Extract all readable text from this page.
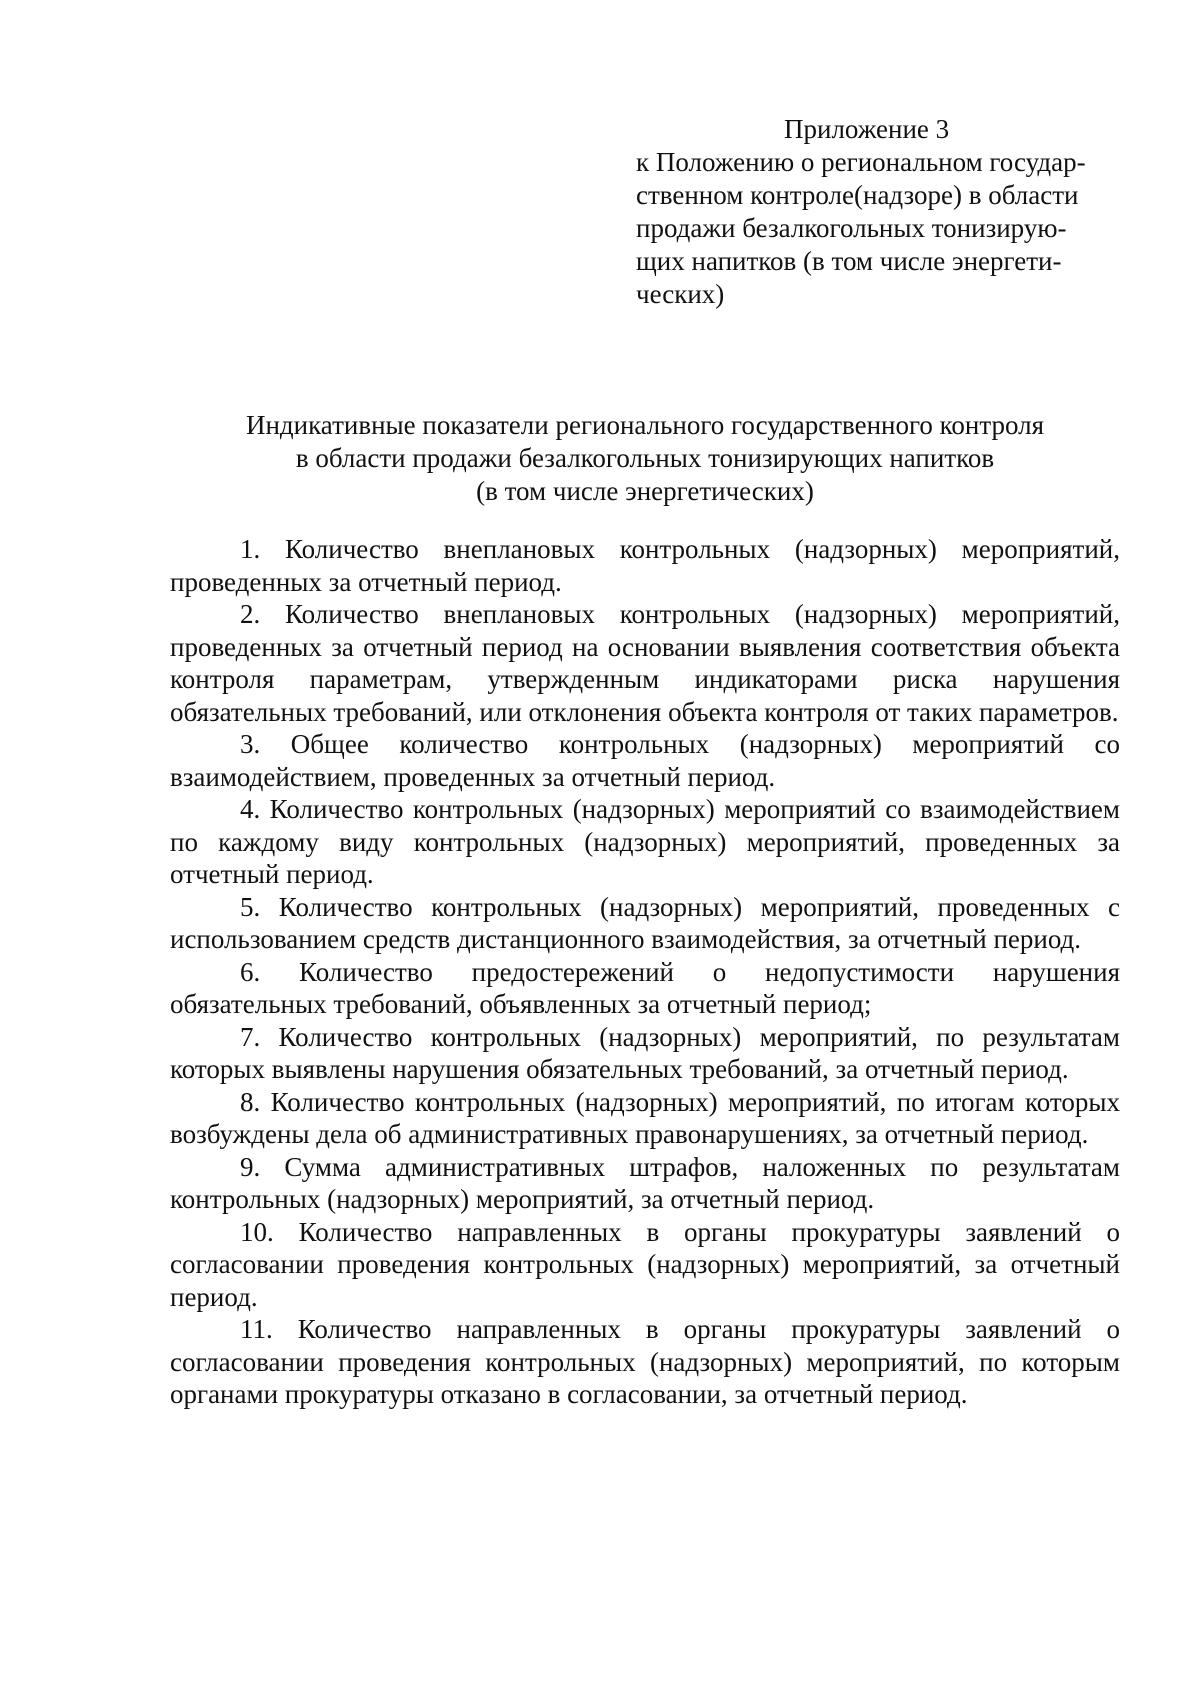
Приложение 3
к Положению о региональном государ-
ственном контроле(надзоре) в области
продажи безалкогольных тонизирую-
щих напитков (в том числе энергети-
ческих)
Индикативные показатели регионального государственного контроля
в области продажи безалкогольных тонизирующих напитков
(в том числе энергетических)

1. Количество внеплановых контрольных (надзорных) мероприятий, проведенных за отчетный период.

2. Количество внеплановых контрольных (надзорных) мероприятий, проведенных за отчетный период на основании выявления соответствия объекта контроля параметрам, утвержденным индикаторами риска нарушения обязательных требований, или отклонения объекта контроля от таких параметров.

3. Общее количество контрольных (надзорных) мероприятий со взаимодействием, проведенных за отчетный период.

4. Количество контрольных (надзорных) мероприятий со взаимодействием по каждому виду контрольных (надзорных) мероприятий, проведенных за отчетный период.

5. Количество контрольных (надзорных) мероприятий, проведенных с использованием средств дистанционного взаимодействия, за отчетный период.

6. Количество предостережений о недопустимости нарушения обязательных требований, объявленных за отчетный период;

7. Количество контрольных (надзорных) мероприятий, по результатам которых выявлены нарушения обязательных требований, за отчетный период.

8. Количество контрольных (надзорных) мероприятий, по итогам которых возбуждены дела об административных правонарушениях, за отчетный период.

9. Сумма административных штрафов, наложенных по результатам контрольных (надзорных) мероприятий, за отчетный период.

10. Количество направленных в органы прокуратуры заявлений о согласовании проведения контрольных (надзорных) мероприятий, за отчетный период.

11. Количество направленных в органы прокуратуры заявлений о согласовании проведения контрольных (надзорных) мероприятий, по которым органами прокуратуры отказано в согласовании, за отчетный период.
